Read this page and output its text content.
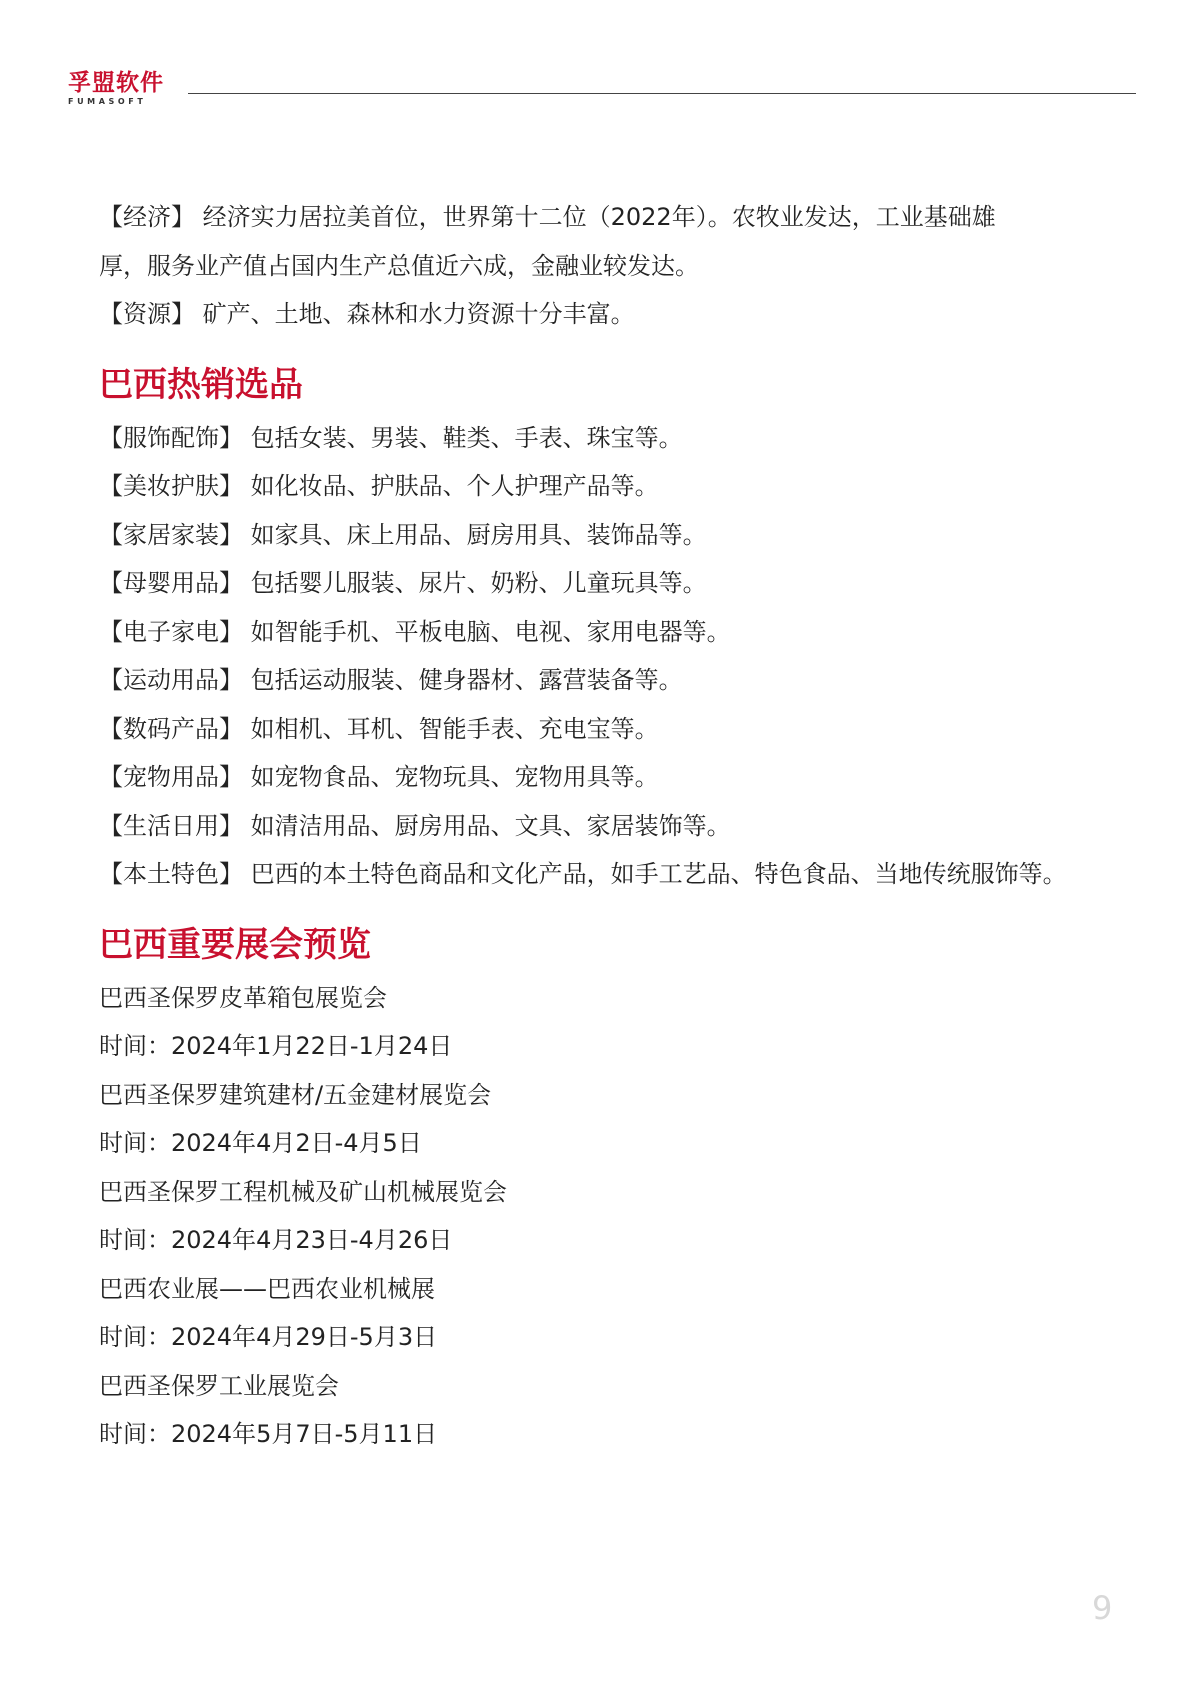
孚盟软件
FUMASOFT

【经济】 经济实力居拉美首位，世界第十二位（2022年）。农牧业发达，工业基础雄

厚，服务业产值占国内生产总值近六成，金融业较发达。

【资源】 矿产、土地、森林和水力资源十分丰富。

巴西热销选品

【服饰配饰】 包括女装、男装、鞋类、手表、珠宝等。

【美妆护肤】 如化妆品、护肤品、个人护理产品等。

【家居家装】 如家具、床上用品、厨房用具、装饰品等。

【母婴用品】 包括婴儿服装、尿片、奶粉、儿童玩具等。

【电子家电】 如智能手机、平板电脑、电视、家用电器等。

【运动用品】 包括运动服装、健身器材、露营装备等。

【数码产品】 如相机、耳机、智能手表、充电宝等。

【宠物用品】 如宠物食品、宠物玩具、宠物用具等。

【生活日用】 如清洁用品、厨房用品、文具、家居装饰等。

【本土特色】 巴西的本土特色商品和文化产品，如手工艺品、特色食品、当地传统服饰等。

巴西重要展会预览

巴西圣保罗皮革箱包展览会

时间：2024年1月22日-1月24日

巴西圣保罗建筑建材/五金建材展览会

时间：2024年4月2日-4月5日

巴西圣保罗工程机械及矿山机械展览会

时间：2024年4月23日-4月26日

巴西农业展——巴西农业机械展

时间：2024年4月29日-5月3日

巴西圣保罗工业展览会

时间：2024年5月7日-5月11日

9
